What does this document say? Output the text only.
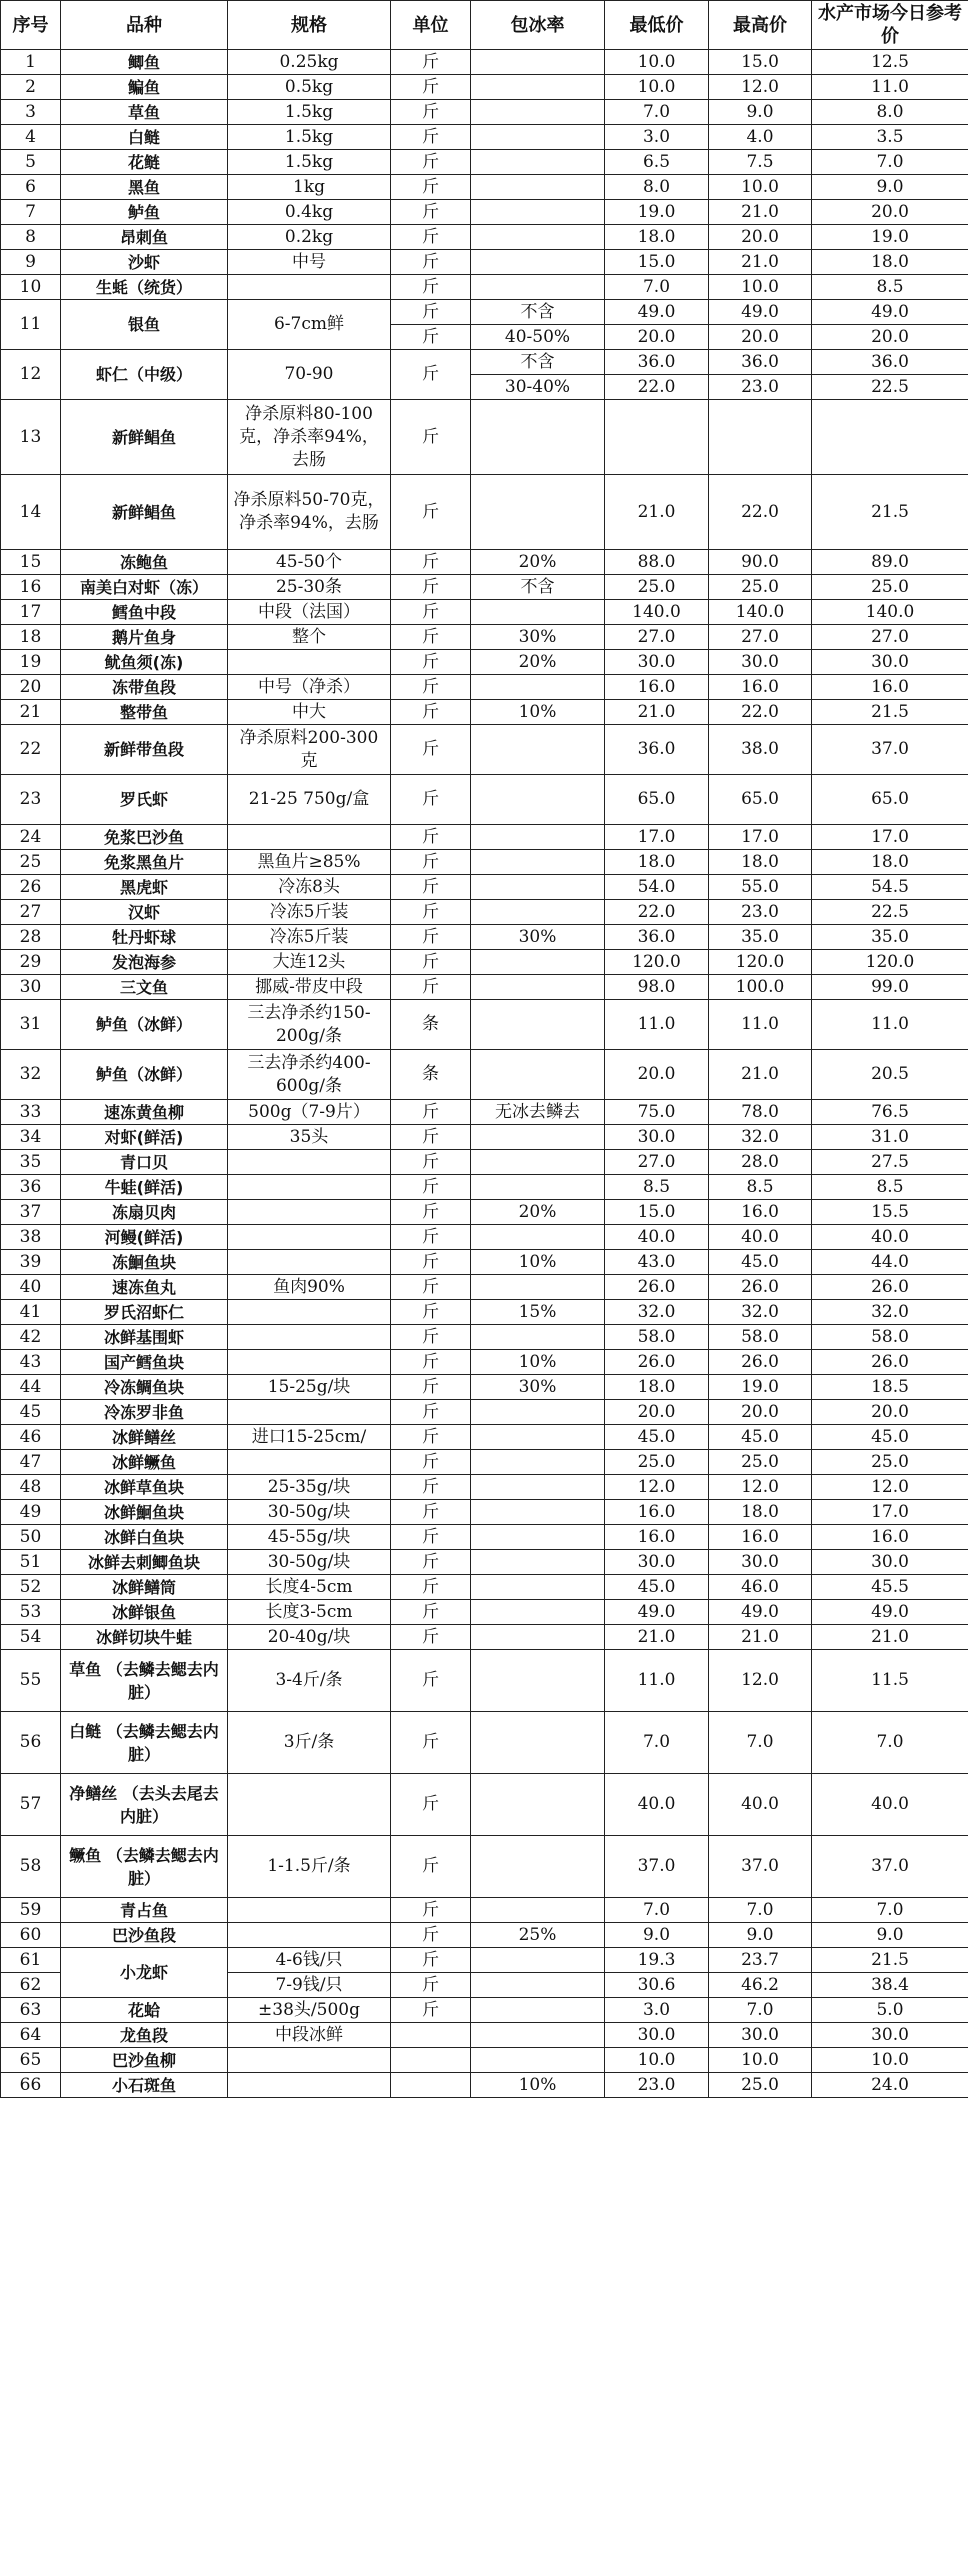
序号	品种	规格	单位	包冰率	最低价	最高价	水产市场今日参考价
1	鲫鱼	0.25kg	斤		10.0	15.0	12.5
2	鳊鱼	0.5kg	斤		10.0	12.0	11.0
3	草鱼	1.5kg	斤		7.0	9.0	8.0
4	白鲢	1.5kg	斤		3.0	4.0	3.5
5	花鲢	1.5kg	斤		6.5	7.5	7.0
6	黑鱼	1kg	斤		8.0	10.0	9.0
7	鲈鱼	0.4kg	斤		19.0	21.0	20.0
8	昂刺鱼	0.2kg	斤		18.0	20.0	19.0
9	沙虾	中号	斤		15.0	21.0	18.0
10	生蚝（统货）		斤		7.0	10.0	8.5
11	银鱼	6-7cm鲜	斤	不含	49.0	49.0	49.0
			斤	40-50%	20.0	20.0	20.0
12	虾仁（中级）	70-90	斤	不含	36.0	36.0	36.0
				30-40%	22.0	23.0	22.5
13	新鲜鲳鱼	净杀原料80-100克，净杀率94%，去肠	斤				
14	新鲜鲳鱼	净杀原料50-70克，净杀率94%，去肠	斤		21.0	22.0	21.5
15	冻鲍鱼	45-50个	斤	20%	88.0	90.0	89.0
16	南美白对虾（冻）	25-30条	斤	不含	25.0	25.0	25.0
17	鳕鱼中段	中段（法国）	斤		140.0	140.0	140.0
18	鹅片鱼身	整个	斤	30%	27.0	27.0	27.0
19	鱿鱼须(冻)		斤	20%	30.0	30.0	30.0
20	冻带鱼段	中号（净杀）	斤		16.0	16.0	16.0
21	整带鱼	中大	斤	10%	21.0	22.0	21.5
22	新鲜带鱼段	净杀原料200-300克	斤		36.0	38.0	37.0
23	罗氏虾	21-25 750g/盒	斤		65.0	65.0	65.0
24	免浆巴沙鱼		斤		17.0	17.0	17.0
25	免浆黑鱼片	黑鱼片≥85%	斤		18.0	18.0	18.0
26	黑虎虾	冷冻8头	斤		54.0	55.0	54.5
27	汉虾	冷冻5斤装	斤		22.0	23.0	22.5
28	牡丹虾球	冷冻5斤装	斤	30%	36.0	35.0	35.0
29	发泡海参	大连12头	斤		120.0	120.0	120.0
30	三文鱼	挪威-带皮中段	斤		98.0	100.0	99.0
31	鲈鱼（冰鲜）	三去净杀约150-200g/条	条		11.0	11.0	11.0
32	鲈鱼（冰鲜）	三去净杀约400-600g/条	条		20.0	21.0	20.5
33	速冻黄鱼柳	500g（7-9片）	斤	无冰去鳞去	75.0	78.0	76.5
34	对虾(鲜活)	35头	斤		30.0	32.0	31.0
35	青口贝		斤		27.0	28.0	27.5
36	牛蛙(鲜活)		斤		8.5	8.5	8.5
37	冻扇贝肉		斤	20%	15.0	16.0	15.5
38	河鳗(鲜活)		斤		40.0	40.0	40.0
39	冻鮰鱼块		斤	10%	43.0	45.0	44.0
40	速冻鱼丸	鱼肉90%	斤		26.0	26.0	26.0
41	罗氏沼虾仁		斤	15%	32.0	32.0	32.0
42	冰鲜基围虾		斤		58.0	58.0	58.0
43	国产鳕鱼块		斤	10%	26.0	26.0	26.0
44	冷冻鲷鱼块	15-25g/块	斤	30%	18.0	19.0	18.5
45	冷冻罗非鱼		斤		20.0	20.0	20.0
46	冰鲜鳝丝	进口15-25cm/	斤		45.0	45.0	45.0
47	冰鲜鳜鱼		斤		25.0	25.0	25.0
48	冰鲜草鱼块	25-35g/块	斤		12.0	12.0	12.0
49	冰鲜鮰鱼块	30-50g/块	斤		16.0	18.0	17.0
50	冰鲜白鱼块	45-55g/块	斤		16.0	16.0	16.0
51	冰鲜去刺鲫鱼块	30-50g/块	斤		30.0	30.0	30.0
52	冰鲜鳝筒	长度4-5cm	斤		45.0	46.0	45.5
53	冰鲜银鱼	长度3-5cm	斤		49.0	49.0	49.0
54	冰鲜切块牛蛙	20-40g/块	斤		21.0	21.0	21.0
55	草鱼 （去鳞去鳃去内脏）	3-4斤/条	斤		11.0	12.0	11.5
56	白鲢 （去鳞去鳃去内脏）	3斤/条	斤		7.0	7.0	7.0
57	净鳝丝 （去头去尾去内脏）		斤		40.0	40.0	40.0
58	鳜鱼 （去鳞去鳃去内脏）	1-1.5斤/条	斤		37.0	37.0	37.0
59	青占鱼		斤		7.0	7.0	7.0
60	巴沙鱼段		斤	25%	9.0	9.0	9.0
61	小龙虾	4-6钱/只	斤		19.3	23.7	21.5
62		7-9钱/只	斤		30.6	46.2	38.4
63	花蛤	±38头/500g	斤		3.0	7.0	5.0
64	龙鱼段	中段冰鲜			30.0	30.0	30.0
65	巴沙鱼柳				10.0	10.0	10.0
66	小石斑鱼			10%	23.0	25.0	24.0
